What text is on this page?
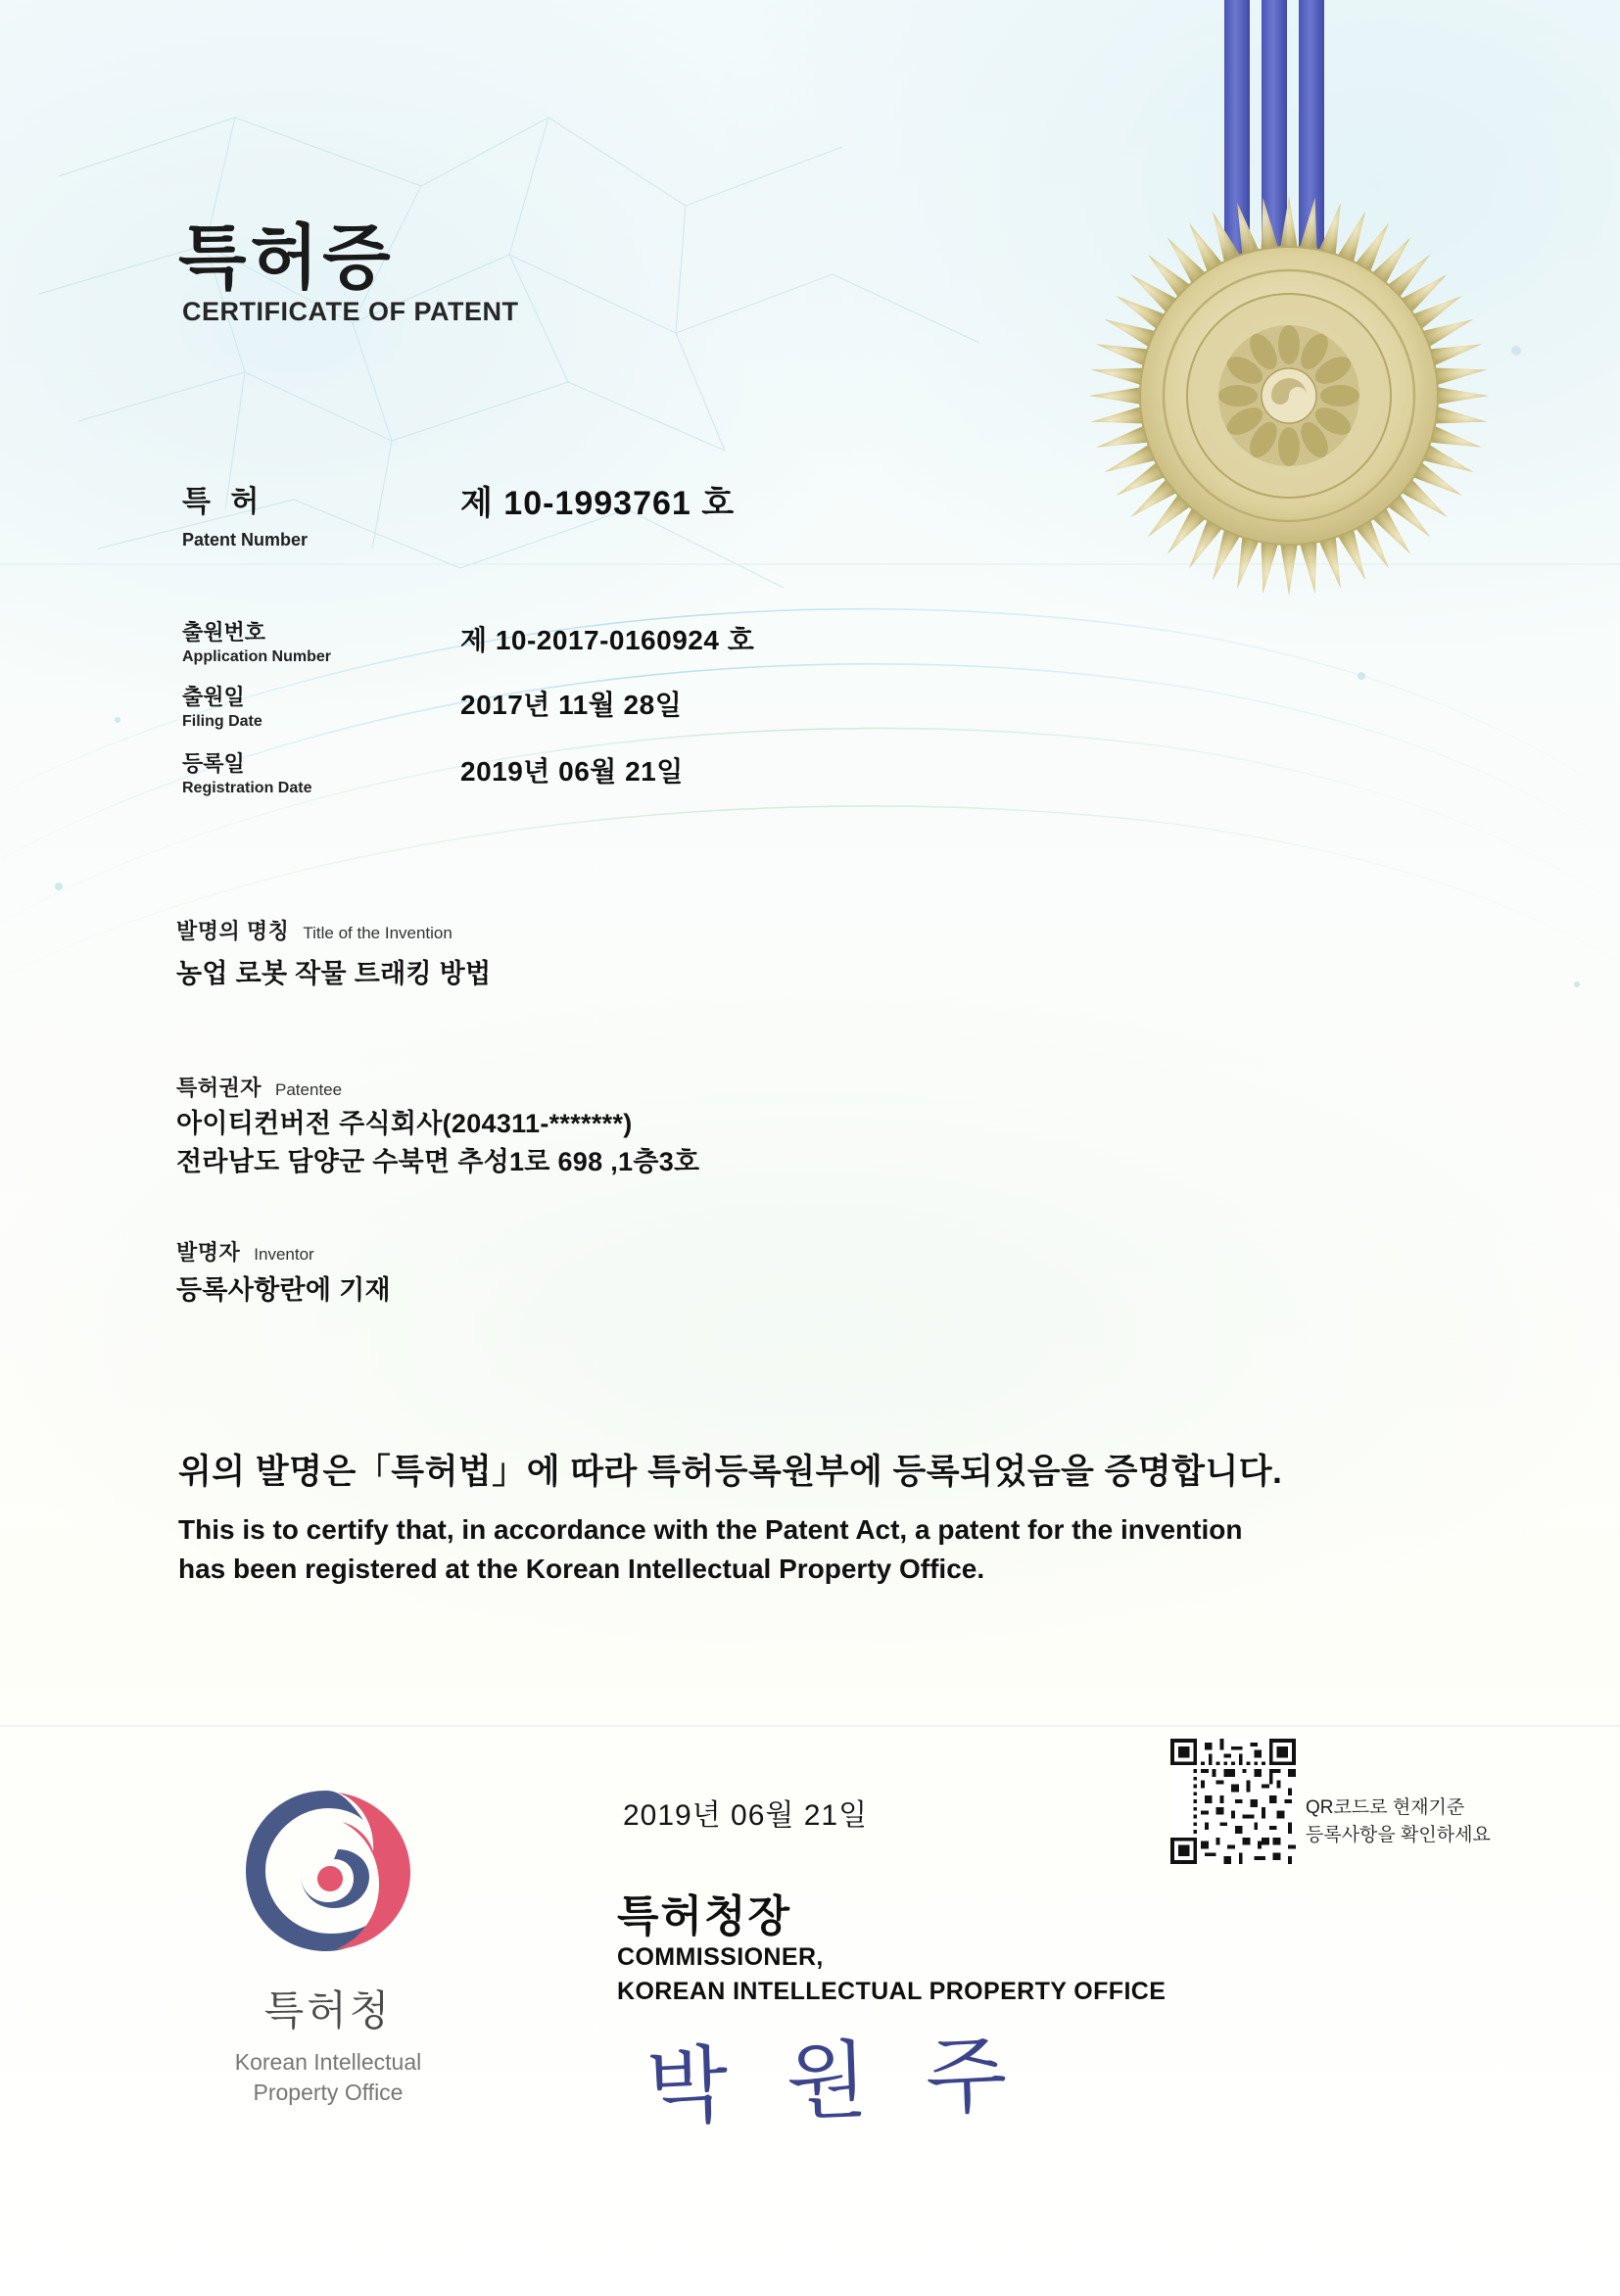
특허증
CERTIFICATE OF PATENT
특 허
Patent Number
제 10-1993761 호
출원번호
Application Number
제 10-2017-0160924 호
출원일
Filing Date
2017년 11월 28일
등록일
Registration Date
2019년 06월 21일
발명의 명칭 Title of the Invention
농업 로봇 작물 트래킹 방법
특허권자 Patentee
아이티컨버전 주식회사(204311-*******)
전라남도 담양군 수북면 추성1로 698 ,1층3호
발명자 Inventor
등록사항란에 기재
위의 발명은「특허법」에 따라 특허등록원부에 등록되었음을 증명합니다.
This is to certify that, in accordance with the Patent Act, a patent for the invention
has been registered at the Korean Intellectual Property Office.
2019년 06월 21일
특허청장
COMMISSIONER,
KOREAN INTELLECTUAL PROPERTY OFFICE
박 원 주
특허청
Korean Intellectual
Property Office
QR코드로 현재기준
등록사항을 확인하세요
